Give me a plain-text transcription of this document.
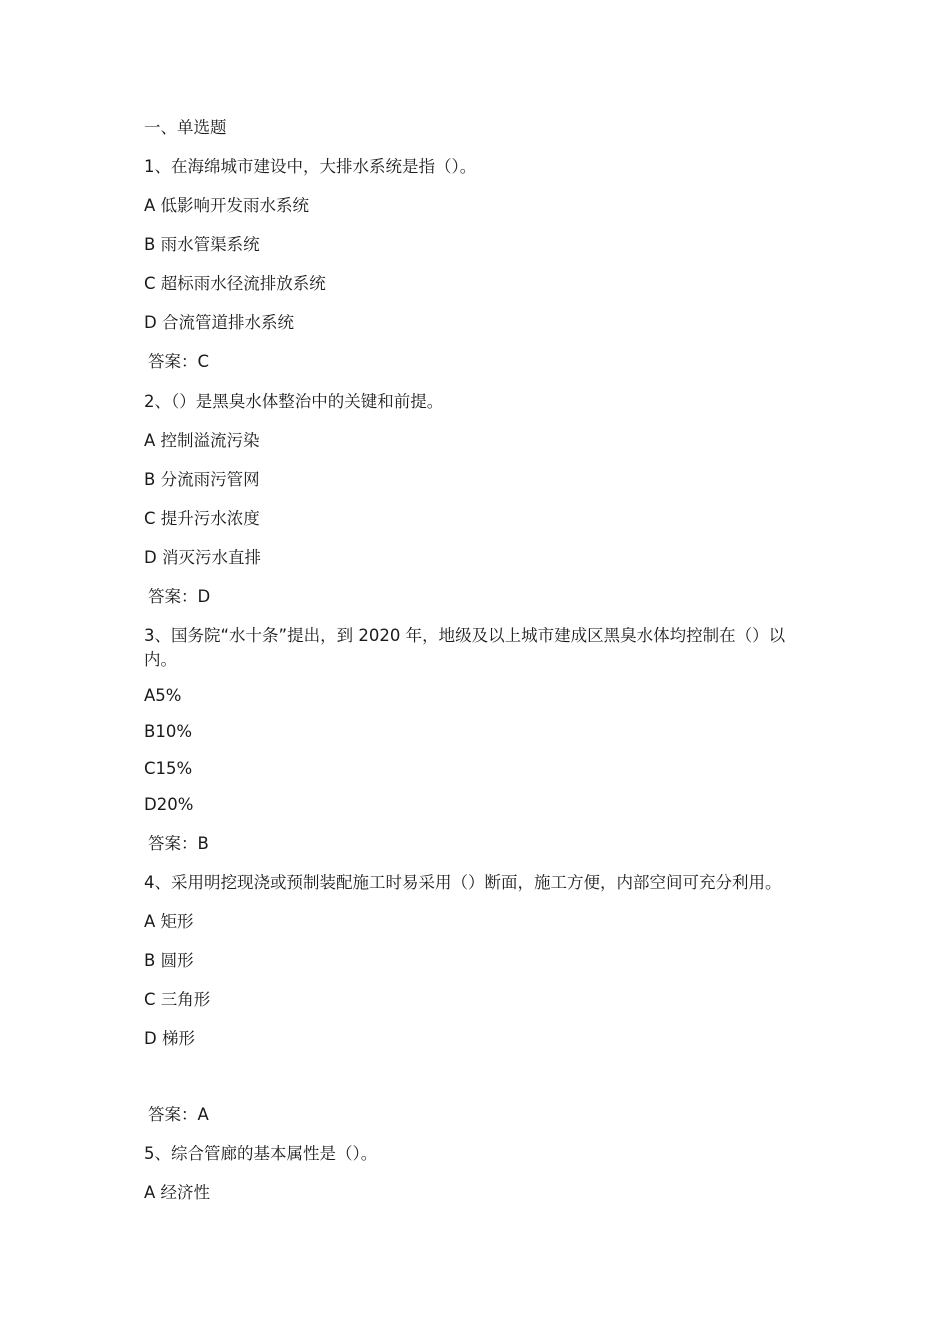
一、单选题
1、在海绵城市建设中，大排水系统是指（）。
A 低影响开发雨水系统
B 雨水管渠系统
C 超标雨水径流排放系统
D 合流管道排水系统
答案：C
2、（）是黑臭水体整治中的关键和前提。
A 控制溢流污染
B 分流雨污管网
C 提升污水浓度
D 消灭污水直排
答案：D
3、国务院“水十条”提出，到 2020 年，地级及以上城市建成区黑臭水体均控制在（）以内。
A5%
B10%
C15%
D20%
答案：B
4、采用明挖现浇或预制装配施工时易采用（）断面，施工方便，内部空间可充分利用。
A 矩形
B 圆形
C 三角形
D 梯形
答案：A
5、综合管廊的基本属性是（）。
A 经济性
